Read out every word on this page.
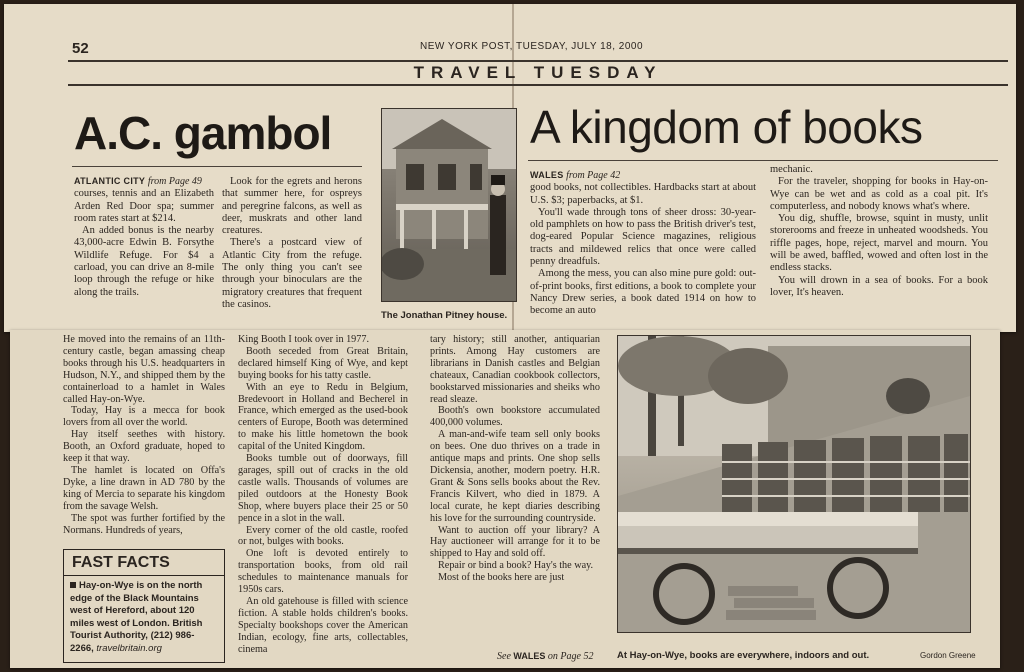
52	NEW YORK POST, TUESDAY, JULY 18, 2000
TRAVEL TUESDAY
A.C. gambol

ATLANTIC CITY from Page 49

courses, tennis and an Elizabeth Arden Red Door spa; summer room rates start at $214.

An added bonus is the nearby 43,000-acre Edwin B. Forsythe Wildlife Refuge. For $4 a carload, you can drive an 8-mile loop through the refuge or hike along the trails.

Look for the egrets and herons that summer here, for ospreys and peregrine falcons, as well as deer, muskrats and other land creatures.

There's a postcard view of Atlantic City from the refuge. The only thing you can't see through your binoculars are the migratory creatures that frequent the casinos.

The Jonathan Pitney house.
A kingdom of books

WALES from Page 42

good books, not collectibles. Hardbacks start at about U.S. $3; paperbacks, at $1.

You'll wade through tons of sheer dross: 30-year-old pamphlets on how to pass the British driver's test, dog-eared Popular Science magazines, religious tracts and mildewed relics that once were called penny dreadfuls.

Among the mess, you can also mine pure gold: out-of-print books, first editions, a book to complete your Nancy Drew series, a book dated 1914 on how to become an auto

mechanic.

For the traveler, shopping for books in Hay-on-Wye can be wet and as cold as a coal pit. It's computerless, and nobody knows what's where.

You dig, shuffle, browse, squint in musty, unlit storerooms and freeze in unheated woodsheds. You riffle pages, hope, reject, marvel and mourn. You will be awed, baffled, wowed and often lost in the endless stacks.

You will drown in a sea of books. For a book lover, It's heaven.

He moved into the remains of an 11th-century castle, began amassing cheap books through his U.S. headquarters in Hudson, N.Y., and shipped them by the containerload to a hamlet in Wales called Hay-on-Wye.

Today, Hay is a mecca for book lovers from all over the world.

Hay itself seethes with history. Booth, an Oxford graduate, hoped to keep it that way.

The hamlet is located on Offa's Dyke, a line drawn in AD 780 by the king of Mercia to separate his kingdom from the savage Welsh.

The spot was further fortified by the Normans. Hundreds of years,

FAST FACTS
Hay-on-Wye is on the north edge of the Black Mountains west of Hereford, about 120 miles west of London. British Tourist Authority, (212) 986-2266, travelbritain.org

King Booth I took over in 1977.

Booth seceded from Great Britain, declared himself King of Wye, and kept buying books for his tatty castle.

With an eye to Redu in Belgium, Bredevoort in Holland and Becherel in France, which emerged as the used-book centers of Europe, Booth was determined to make his little hometown the book capital of the United Kingdom.

Books tumble out of doorways, fill garages, spill out of cracks in the old castle walls. Thousands of volumes are piled outdoors at the Honesty Book Shop, where buyers place their 25 or 50 pence in a slot in the wall.

Every corner of the old castle, roofed or not, bulges with books.

One loft is devoted entirely to transportation books, from old rail schedules to maintenance manuals for 1950s cars.

An old gatehouse is filled with science fiction. A stable holds children's books. Specialty bookshops cover the American Indian, ecology, fine arts, collectables, cinema

tary history; still another, antiquarian prints. Among Hay customers are librarians in Danish castles and Belgian chateaux, Canadian cookbook collectors, bookstarved missionaries and sheiks who read sleaze.

Booth's own bookstore accumulated 400,000 volumes.

A man-and-wife team sell only books on bees. One duo thrives on a trade in antique maps and prints. One shop sells Dickensia, another, modern poetry. H.R. Grant & Sons sells books about the Rev. Francis Kilvert, who died in 1879. A local curate, he kept diaries describing his love for the surrounding countryside.

Want to auction off your library? A Hay auctioneer will arrange for it to be shipped to Hay and sold off.

Repair or bind a book? Hay's the way.

Most of the books here are just

See WALES on Page 52 At Hay-on-Wye, books are everywhere, indoors and out.	Gordon Greene
